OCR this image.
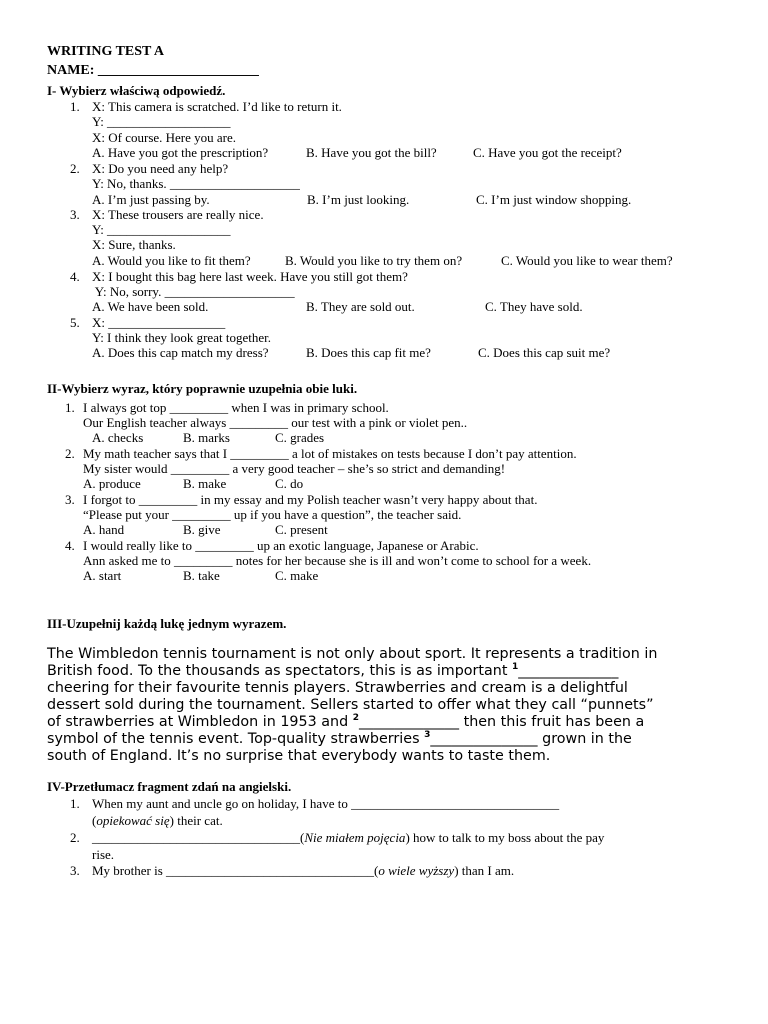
WRITING TEST A
NAME: _______________________
I- Wybierz właściwą odpowiedź.
1. X: This camera is scratched. I’d like to return it.
Y: ___________________
X: Of course. Here you are.
A. Have you got the prescription?	B. Have you got the bill?	C. Have you got the receipt?
2. X: Do you need any help?
Y: No, thanks. ____________________
A. I’m just passing by.	B. I’m just looking.	C. I’m just window shopping.
3. X: These trousers are really nice.
Y: ___________________
X: Sure, thanks.
A. Would you like to fit them?	B. Would you like to try them on?	C. Would you like to wear them?
4. X: I bought this bag here last week. Have you still got them?
Y: No, sorry. ____________________
A. We have been sold.	B. They are sold out.	C. They have sold.
5. X: __________________
Y: I think they look great together.
A. Does this cap match my dress?	B. Does this cap fit me?	C. Does this cap suit me?
II-Wybierz wyraz, który poprawnie uzupełnia obie luki.
1. I always got top _________ when I was in primary school.
Our English teacher always _________ our test with a pink or violet pen..
A. checks	B. marks	C. grades
2. My math teacher says that I _________ a lot of mistakes on tests because I don’t pay attention.
My sister would _________ a very good teacher – she’s so strict and demanding!
A. produce	B. make	C. do
3. I forgot to _________ in my essay and my Polish teacher wasn’t very happy about that.
“Please put your _________ up if you have a question”, the teacher said.
A. hand	B. give	C. present
4. I would really like to _________ up an exotic language, Japanese or Arabic.
Ann asked me to _________ notes for her because she is ill and won’t come to school for a week.
A. start	B. take	C. make
III-Uzupełnij każdą lukę jednym wyrazem.
The Wimbledon tennis tournament is not only about sport. It represents a tradition in
British food. To the thousands as spectators, this is as important $^1$______________
cheering for their favourite tennis players. Strawberries and cream is a delightful
dessert sold during the tournament. Sellers started to offer what they call “punnets”
of strawberries at Wimbledon in 1953 and $^2$______________ then this fruit has been a
symbol of the tennis event. Top-quality strawberries $^3$_______________ grown in the
south of England. It’s no surprise that everybody wants to taste them.
IV-Przetłumacz fragment zdań na angielski.
1. When my aunt and uncle go on holiday, I have to ________________________________
(opiekować się) their cat.
2. ________________________________(Nie miałem pojęcia) how to talk to my boss about the pay
rise.
3. My brother is ________________________________(o wiele wyższy) than I am.
